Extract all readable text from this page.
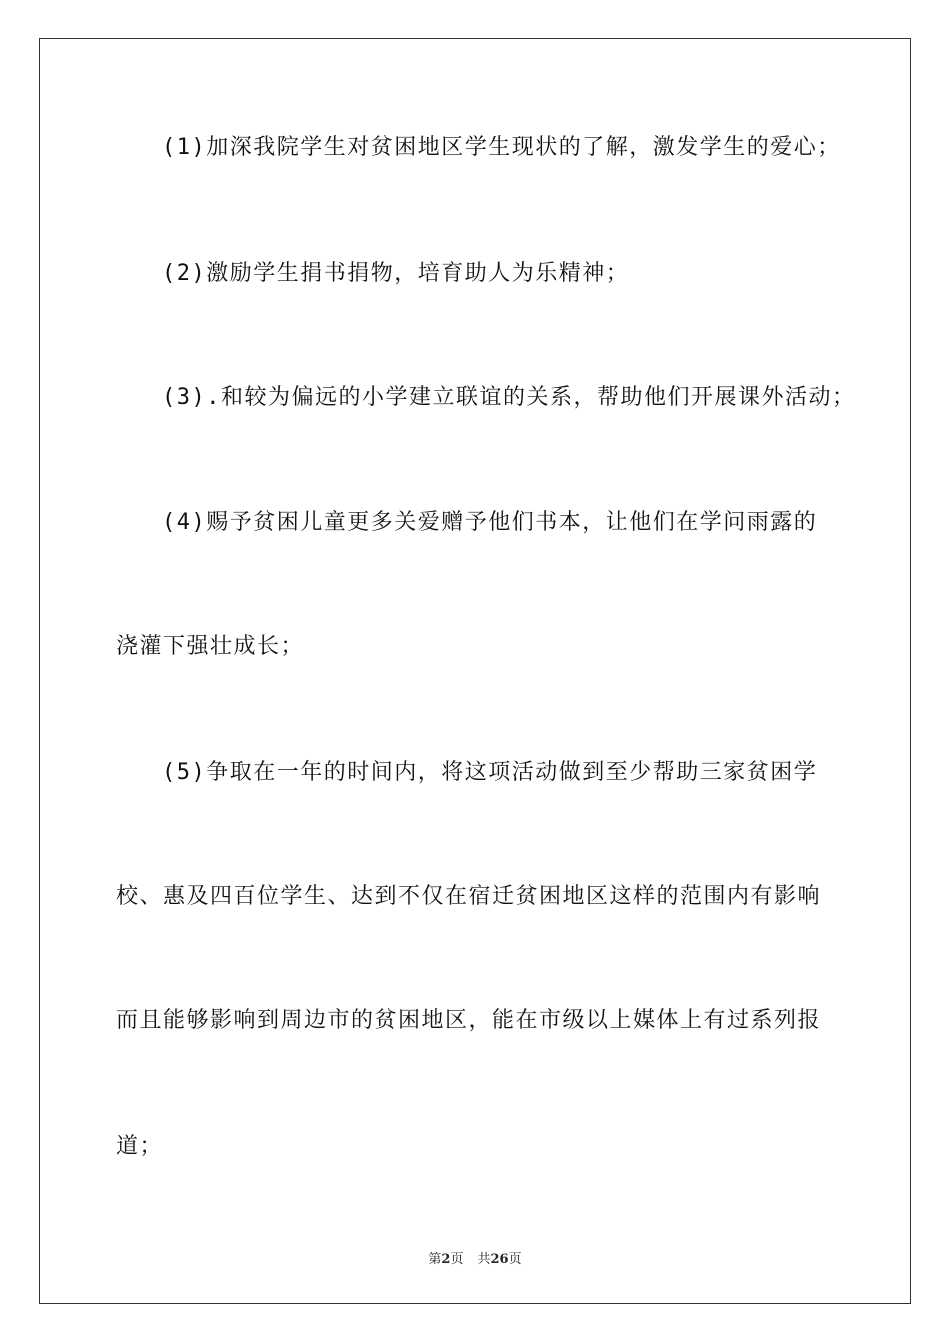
(1)加深我院学生对贫困地区学生现状的了解，激发学生的爱心；
(2)激励学生捐书捐物，培育助人为乐精神；
(3).和较为偏远的小学建立联谊的关系，帮助他们开展课外活动；
(4)赐予贫困儿童更多关爱赠予他们书本，让他们在学问雨露的
浇灌下强壮成长；
(5)争取在一年的时间内，将这项活动做到至少帮助三家贫困学
校、惠及四百位学生、达到不仅在宿迁贫困地区这样的范围内有影响
而且能够影响到周边市的贫困地区，能在市级以上媒体上有过系列报
道；
第2页 共26页
